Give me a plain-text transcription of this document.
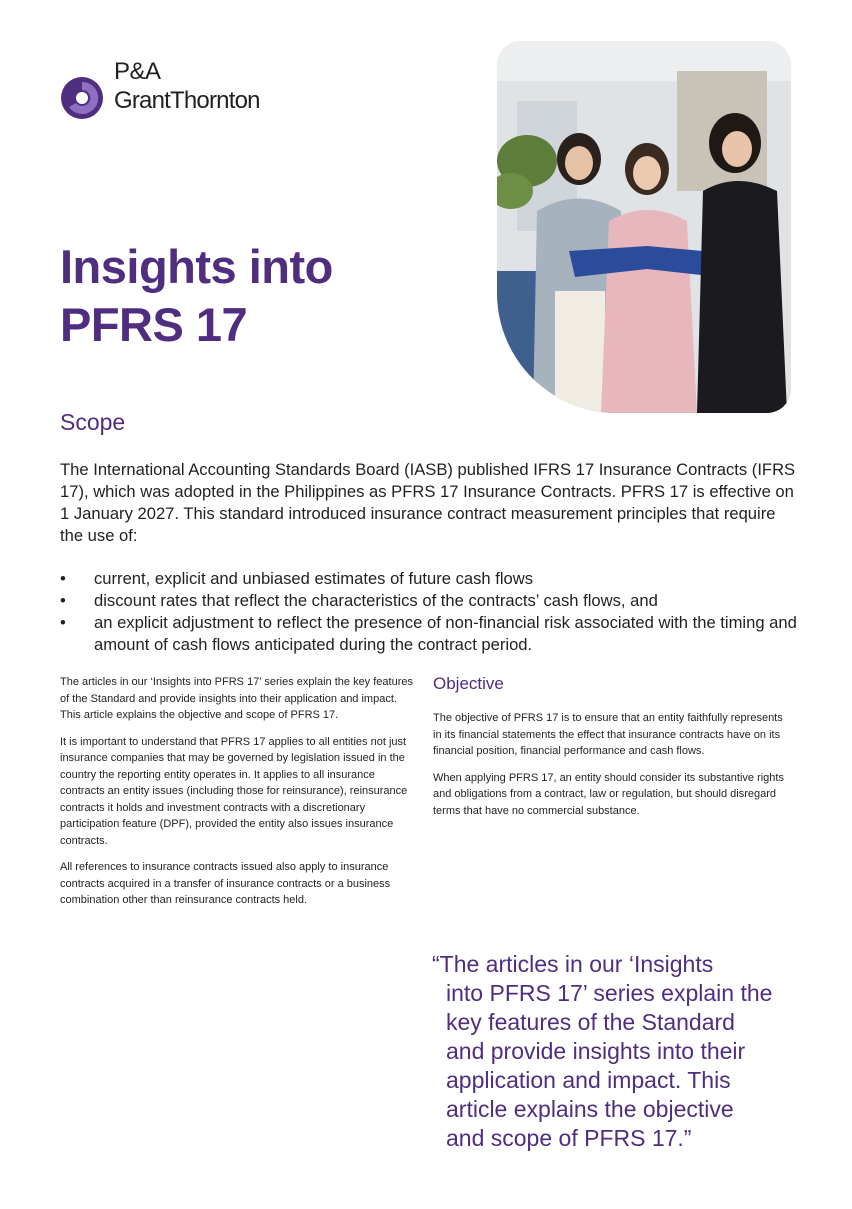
P&A
GrantThornton
Insights into
PFRS 17
Scope

The International Accounting Standards Board (IASB) published IFRS 17 Insurance Contracts (IFRS 17), which was adopted in the Philippines as PFRS 17 Insurance Contracts. PFRS 17 is effective on 1 January 2027. This standard introduced insurance contract measurement principles that require the use of:

• current, explicit and unbiased estimates of future cash flows
• discount rates that reflect the characteristics of the contracts’ cash flows, and
• an explicit adjustment to reflect the presence of non-financial risk associated with the timing and amount of cash flows anticipated during the contract period.

The articles in our ‘Insights into PFRS 17’ series explain the key features of the Standard and provide insights into their application and impact. This article explains the objective and scope of PFRS 17.

It is important to understand that PFRS 17 applies to all entities not just insurance companies that may be governed by legislation issued in the country the reporting entity operates in. It applies to all insurance contracts an entity issues (including those for reinsurance), reinsurance contracts it holds and investment contracts with a discretionary participation feature (DPF), provided the entity also issues insurance contracts.

All references to insurance contracts issued also apply to insurance contracts acquired in a transfer of insurance contracts or a business combination other than reinsurance contracts held.

Objective

The objective of PFRS 17 is to ensure that an entity faithfully represents in its financial statements the effect that insurance contracts have on its financial position, financial performance and cash flows.

When applying PFRS 17, an entity should consider its substantive rights and obligations from a contract, law or regulation, but should disregard terms that have no commercial substance.

“The articles in our ‘Insights
into PFRS 17’ series explain the
key features of the Standard
and provide insights into their
application and impact. This
article explains the objective
and scope of PFRS 17.”
